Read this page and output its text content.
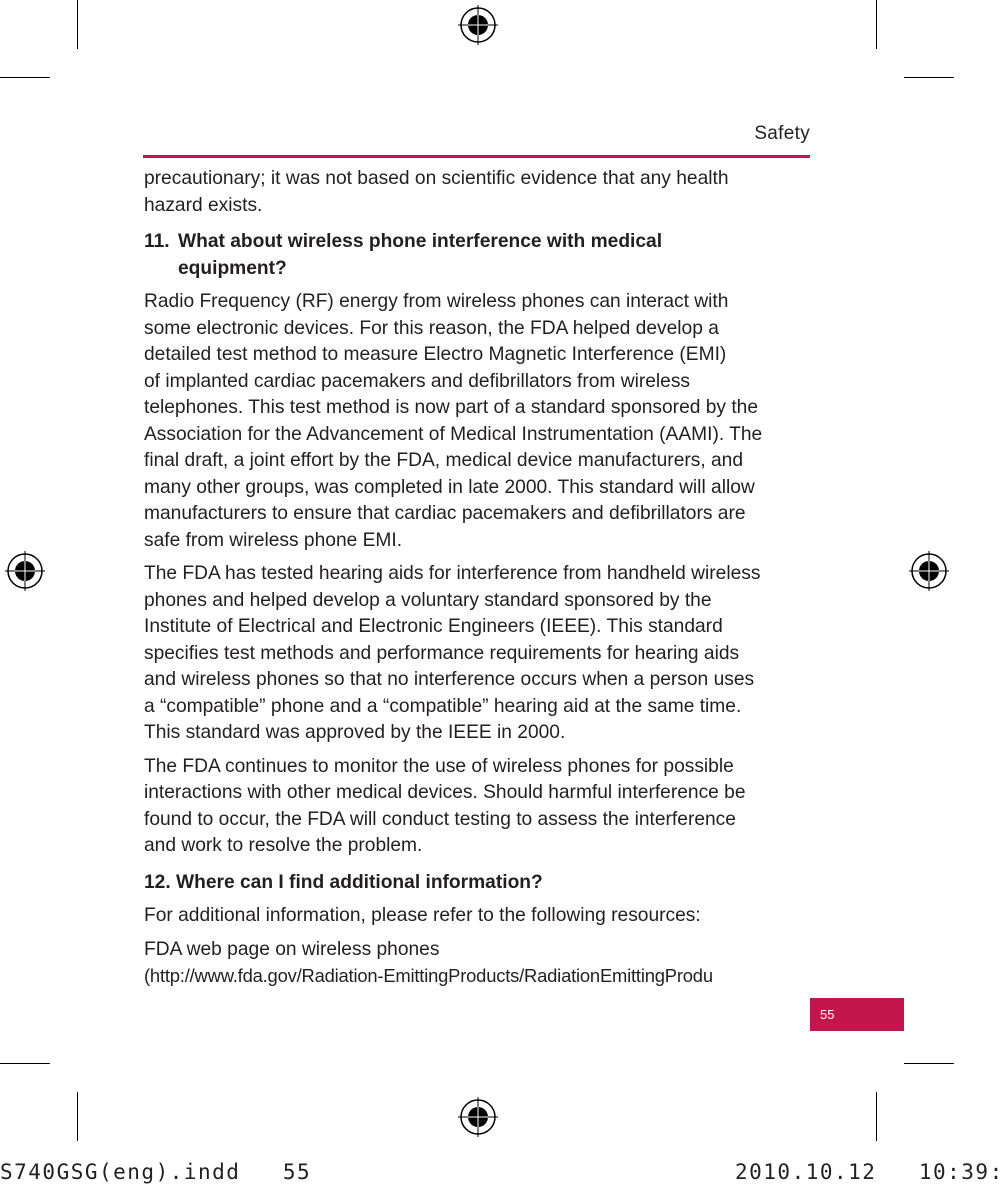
Safety

precautionary; it was not based on scientific evidence that any health
hazard exists.

11. What about wireless phone interference with medical
equipment?

Radio Frequency (RF) energy from wireless phones can interact with
some electronic devices. For this reason, the FDA helped develop a
detailed test method to measure Electro Magnetic Interference (EMI)
of implanted cardiac pacemakers and defibrillators from wireless
telephones. This test method is now part of a standard sponsored by the
Association for the Advancement of Medical Instrumentation (AAMI). The
final draft, a joint effort by the FDA, medical device manufacturers, and
many other groups, was completed in late 2000. This standard will allow
manufacturers to ensure that cardiac pacemakers and defibrillators are
safe from wireless phone EMI.

The FDA has tested hearing aids for interference from handheld wireless
phones and helped develop a voluntary standard sponsored by the
Institute of Electrical and Electronic Engineers (IEEE). This standard
specifies test methods and performance requirements for hearing aids
and wireless phones so that no interference occurs when a person uses
a “compatible” phone and a “compatible” hearing aid at the same time.
This standard was approved by the IEEE in 2000.

The FDA continues to monitor the use of wireless phones for possible
interactions with other medical devices. Should harmful interference be
found to occur, the FDA will conduct testing to assess the interference
and work to resolve the problem.

12. Where can I find additional information?

For additional information, please refer to the following resources:

FDA web page on wireless phones
(http://www.fda.gov/Radiation-EmittingProducts/RadiationEmittingProdu

55
S740GSG(eng).indd   55	2010.10.12   10:39:
